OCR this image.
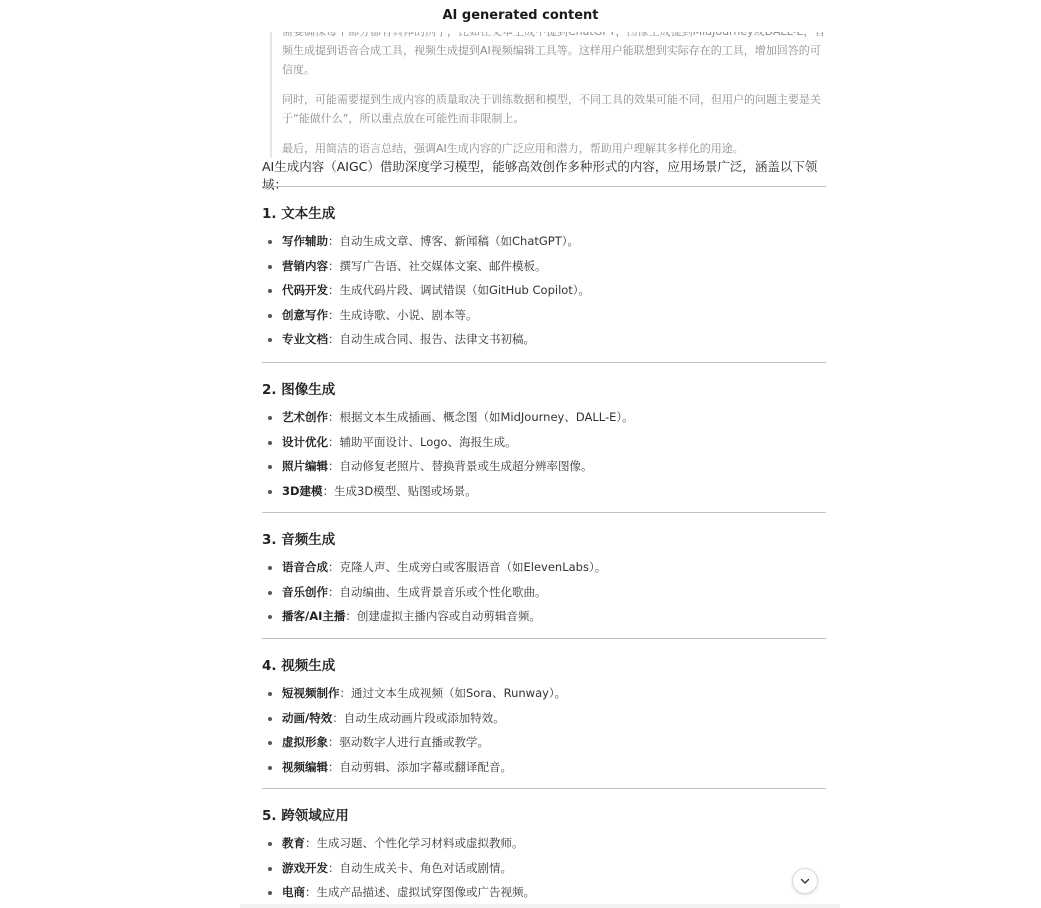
AI generated content

频生成提到语音合成工具，视频生成提到AI视频编辑工具等。这样用户能联想到实际存在的工具，增加回答的可信度。

同时，可能需要提到生成内容的质量取决于训练数据和模型，不同工具的效果可能不同，但用户的问题主要是关于“能做什么”，所以重点放在可能性而非限制上。

最后，用简洁的语言总结，强调AI生成内容的广泛应用和潜力，帮助用户理解其多样化的用途。

AI生成内容（AIGC）借助深度学习模型，能够高效创作多种形式的内容，应用场景广泛，涵盖以下领域：
1. 文本生成
写作辅助：自动生成文章、博客、新闻稿（如ChatGPT）。
营销内容：撰写广告语、社交媒体文案、邮件模板。
代码开发：生成代码片段、调试错误（如GitHub Copilot）。
创意写作：生成诗歌、小说、剧本等。
专业文档：自动生成合同、报告、法律文书初稿。
2. 图像生成
艺术创作：根据文本生成插画、概念图（如MidJourney、DALL-E）。
设计优化：辅助平面设计、Logo、海报生成。
照片编辑：自动修复老照片、替换背景或生成超分辨率图像。
3D建模：生成3D模型、贴图或场景。
3. 音频生成
语音合成：克隆人声、生成旁白或客服语音（如ElevenLabs）。
音乐创作：自动编曲、生成背景音乐或个性化歌曲。
播客/AI主播：创建虚拟主播内容或自动剪辑音频。
4. 视频生成
短视频制作：通过文本生成视频（如Sora、Runway）。
动画/特效：自动生成动画片段或添加特效。
虚拟形象：驱动数字人进行直播或教学。
视频编辑：自动剪辑、添加字幕或翻译配音。
5. 跨领域应用
教育：生成习题、个性化学习材料或虚拟教师。
游戏开发：自动生成关卡、角色对话或剧情。
电商：生成产品描述、虚拟试穿图像或广告视频。
